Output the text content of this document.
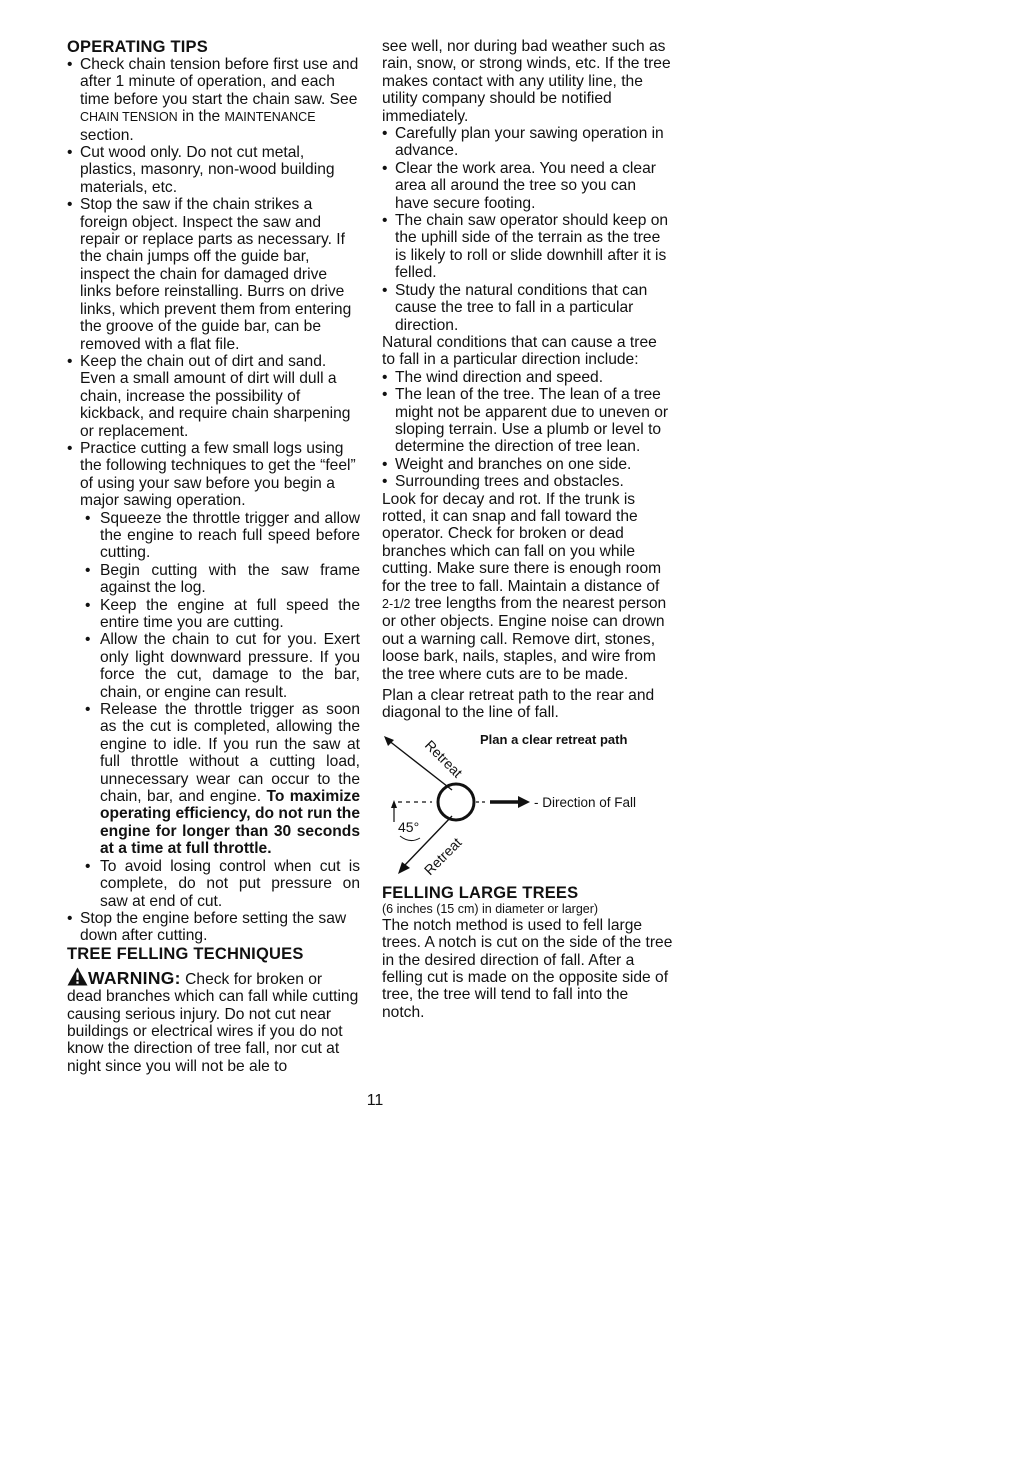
OPERATING TIPS

• Check chain tension before first use and after 1 minute of operation, and each time before you start the chain saw. See CHAIN TENSION in the MAINTENANCE section.

• Cut wood only. Do not cut metal, plastics, masonry, non-wood building materials, etc.

• Stop the saw if the chain strikes a foreign object. Inspect the saw and repair or replace parts as necessary. If the chain jumps off the guide bar, inspect the chain for damaged drive links before reinstalling. Burrs on drive links, which prevent them from entering the groove of the guide bar, can be removed with a flat file.

• Keep the chain out of dirt and sand. Even a small amount of dirt will dull a chain, increase the possibility of kickback, and require chain sharpening or replacement.

• Practice cutting a few small logs using the following techniques to get the “feel” of using your saw before you begin a major sawing operation.

• Squeeze the throttle trigger and allow the engine to reach full speed before cutting.

• Begin cutting with the saw frame against the log.

• Keep the engine at full speed the entire time you are cutting.

• Allow the chain to cut for you. Exert only light downward pressure. If you force the cut, damage to the bar, chain, or engine can result.

• Release the throttle trigger as soon as the cut is completed, allowing the engine to idle. If you run the saw at full throttle without a cutting load, unnecessary wear can occur to the chain, bar, and engine. To maximize operating efficiency, do not run the engine for longer than 30 seconds at a time at full throttle.

• To avoid losing control when cut is complete, do not put pressure on saw at end of cut.

• Stop the engine before setting the saw down after cutting.

TREE FELLING TECHNIQUES

WARNING: Check for broken or dead branches which can fall while cutting causing serious injury. Do not cut near buildings or electrical wires if you do not know the direction of tree fall, nor cut at night since you will not be ale to

see well, nor during bad weather such as rain, snow, or strong winds, etc. If the tree makes contact with any utility line, the utility company should be notified immediately.

• Carefully plan your sawing operation in advance.

• Clear the work area. You need a clear area all around the tree so you can have secure footing.

• The chain saw operator should keep on the uphill side of the terrain as the tree is likely to roll or slide downhill after it is felled.

• Study the natural conditions that can cause the tree to fall in a particular direction.

Natural conditions that can cause a tree to fall in a particular direction include:

• The wind direction and speed.

• The lean of the tree. The lean of a tree might not be apparent due to uneven or sloping terrain. Use a plumb or level to determine the direction of tree lean.

• Weight and branches on one side.

• Surrounding trees and obstacles.

Look for decay and rot. If the trunk is rotted, it can snap and fall toward the operator. Check for broken or dead branches which can fall on you while cutting. Make sure there is enough room for the tree to fall. Maintain a distance of 2-1/2 tree lengths from the nearest person or other objects. Engine noise can drown out a warning call. Remove dirt, stones, loose bark, nails, staples, and wire from the tree where cuts are to be made.

Plan a clear retreat path to the rear and diagonal to the line of fall.

Plan a clear retreat path
Retreat
- Direction of Fall
45°
Retreat
FELLING LARGE TREES

(6 inches (15 cm) in diameter or larger)

The notch method is used to fell large trees. A notch is cut on the side of the tree in the desired direction of fall. After a felling cut is made on the opposite side of tree, the tree will tend to fall into the notch.

11
